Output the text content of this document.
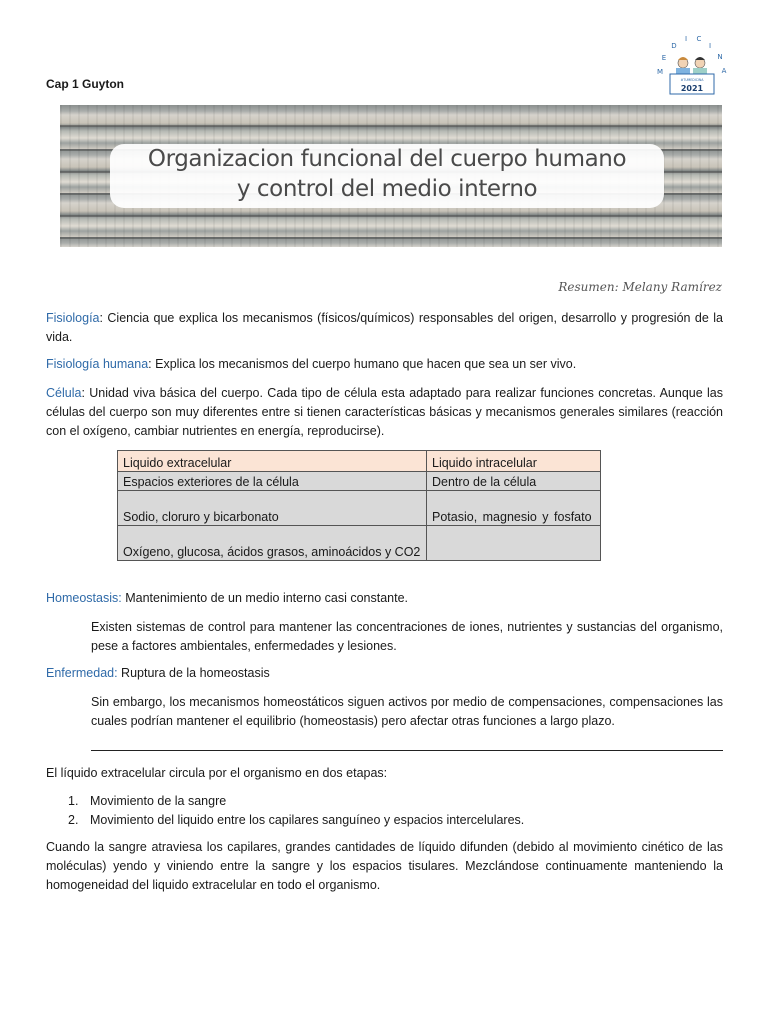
Cap 1 Guyton
M
E
D
I C
I
N
A
#TUMEDICINA
2021
Organizacion funcional del cuerpo humano
y control del medio interno
Resumen: Melany Ramírez
Fisiología: Ciencia que explica los mecanismos (físicos/químicos) responsables del origen, desarrollo y progresión de la vida.
Fisiología humana: Explica los mecanismos del cuerpo humano que hacen que sea un ser vivo.
Célula: Unidad viva básica del cuerpo. Cada tipo de célula esta adaptado para realizar funciones concretas. Aunque las células del cuerpo son muy diferentes entre si tienen características básicas y mecanismos generales similares (reacción con el oxígeno, cambiar nutrientes en energía, reproducirse).
Liquido extracelular	Liquido intracelular
Espacios exteriores de la célula	Dentro de la célula
Sodio, cloruro y bicarbonato	Potasio, magnesio y fosfato
Oxígeno, glucosa, ácidos grasos, aminoácidos y CO2	
Homeostasis: Mantenimiento de un medio interno casi constante.
Existen sistemas de control para mantener las concentraciones de iones, nutrientes y sustancias del organismo, pese a factores ambientales, enfermedades y lesiones.
Enfermedad: Ruptura de la homeostasis
Sin embargo, los mecanismos homeostáticos siguen activos por medio de compensaciones, compensaciones las cuales podrían mantener el equilibrio (homeostasis) pero afectar otras funciones a largo plazo.
El líquido extracelular circula por el organismo en dos etapas:
1. Movimiento de la sangre
2. Movimiento del liquido entre los capilares sanguíneo y espacios intercelulares.
Cuando la sangre atraviesa los capilares, grandes cantidades de líquido difunden (debido al movimiento cinético de las moléculas) yendo y viniendo entre la sangre y los espacios tisulares. Mezclándose continuamente manteniendo la homogeneidad del liquido extracelular en todo el organismo.
